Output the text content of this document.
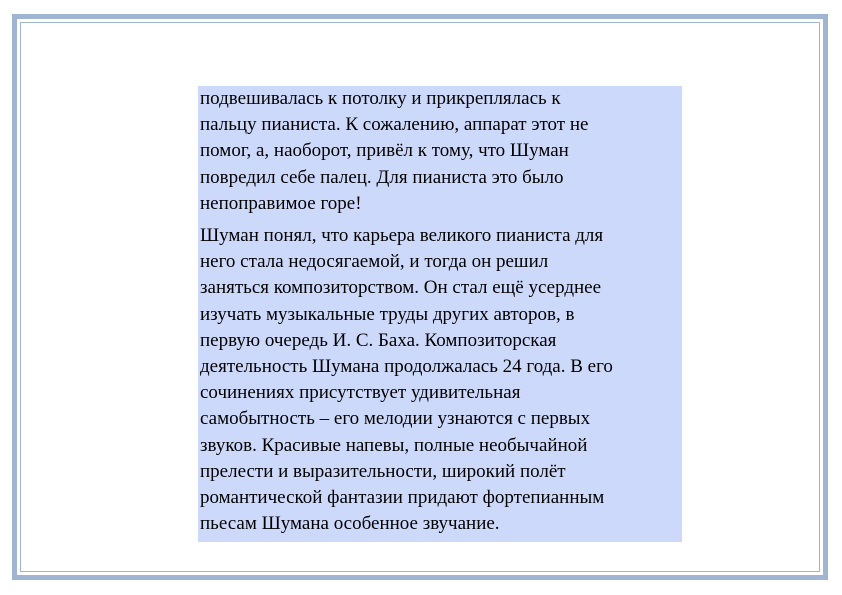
подвешивалась к потолку и прикреплялась к
пальцу пианиста. К сожалению, аппарат этот не
помог, а, наоборот, привёл к тому, что Шуман
повредил себе палец. Для пианиста это было
непоправимое горе!

Шуман понял, что карьера великого пианиста для
него стала недосягаемой, и тогда он решил
заняться композиторством. Он стал ещё усерднее
изучать музыкальные труды других авторов, в
первую очередь И. С. Баха. Композиторская
деятельность Шумана продолжалась 24 года. В его
сочинениях присутствует удивительная
самобытность – его мелодии узнаются с первых
звуков. Красивые напевы, полные необычайной
прелести и выразительности, широкий полёт
романтической фантазии придают фортепианным
пьесам Шумана особенное звучание.
